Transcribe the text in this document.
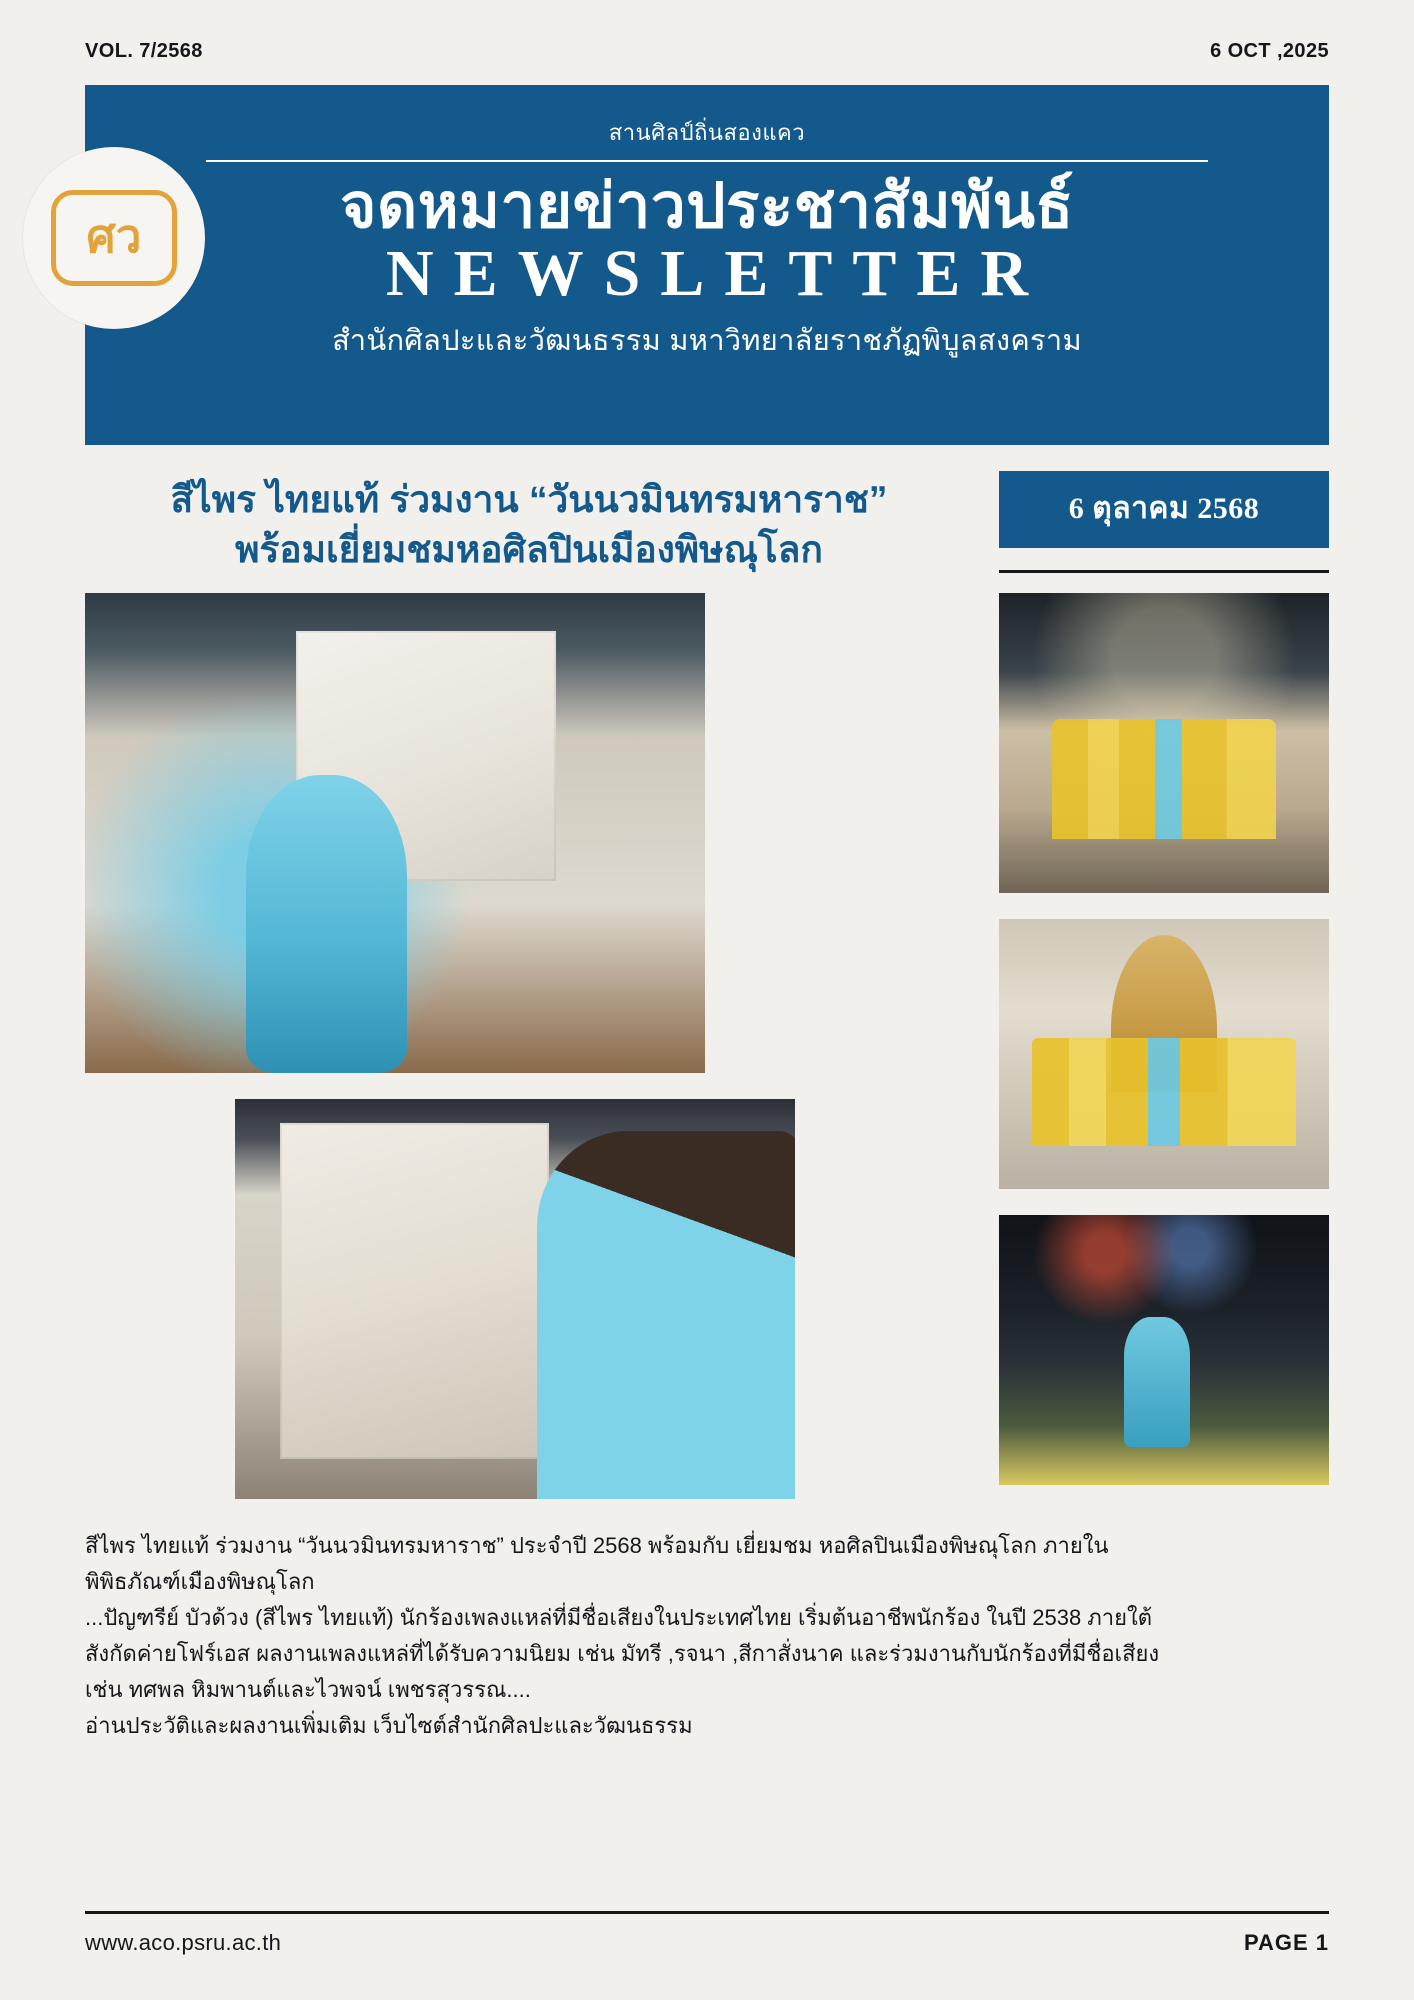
VOL. 7/2568	6 OCT ,2025
ศว
สานศิลป์ถิ่นสองแคว
จดหมายข่าวประชาสัมพันธ์
NEWSLETTER
สำนักศิลปะและวัฒนธรรม มหาวิทยาลัยราชภัฏพิบูลสงคราม
สีไพร ไทยแท้ ร่วมงาน “วันนวมินทรมหาราช”
พร้อมเยี่ยมชมหอศิลปินเมืองพิษณุโลก
6 ตุลาคม 2568

สีไพร ไทยแท้ ร่วมงาน “วันนวมินทรมหาราช” ประจำปี 2568 พร้อมกับ เยี่ยมชม หอศิลปินเมืองพิษณุโลก ภายใน

พิพิธภัณฑ์เมืองพิษณุโลก

...ปัญฑรีย์ บัวด้วง (สีไพร ไทยแท้) นักร้องเพลงแหล่ที่มีชื่อเสียงในประเทศไทย เริ่มต้นอาชีพนักร้อง ในปี 2538 ภายใต้

สังกัดค่ายโฟร์เอส ผลงานเพลงแหล่ที่ได้รับความนิยม เช่น มัทรี ,รจนา ,สีกาสั่งนาค และร่วมงานกับนักร้องที่มีชื่อเสียง

เช่น ทศพล หิมพานต์และไวพจน์ เพชรสุวรรณ....

อ่านประวัติและผลงานเพิ่มเติม เว็บไซต์สำนักศิลปะและวัฒนธรรม

www.aco.psru.ac.th	PAGE 1
